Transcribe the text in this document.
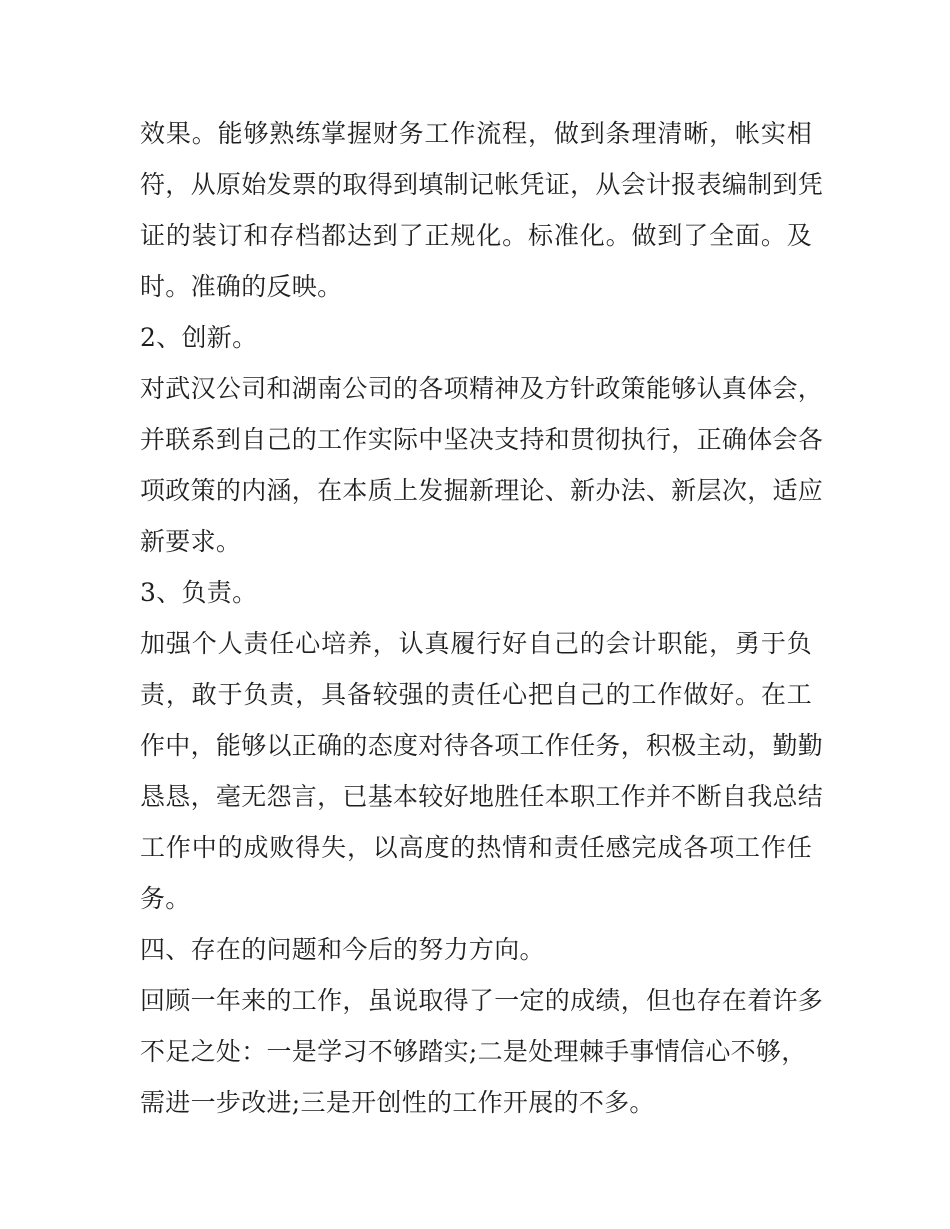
效果。能够熟练掌握财务工作流程，做到条理清晰，帐实相
符，从原始发票的取得到填制记帐凭证，从会计报表编制到凭
证的装订和存档都达到了正规化。标准化。做到了全面。及
时。准确的反映。
2、创新。
对武汉公司和湖南公司的各项精神及方针政策能够认真体会，
并联系到自己的工作实际中坚决支持和贯彻执行，正确体会各
项政策的内涵，在本质上发掘新理论、新办法、新层次，适应
新要求。
3、负责。
加强个人责任心培养，认真履行好自己的会计职能，勇于负
责，敢于负责，具备较强的责任心把自己的工作做好。在工
作中，能够以正确的态度对待各项工作任务，积极主动，勤勤
恳恳，毫无怨言，已基本较好地胜任本职工作并不断自我总结
工作中的成败得失，以高度的热情和责任感完成各项工作任
务。
四、存在的问题和今后的努力方向。
回顾一年来的工作，虽说取得了一定的成绩，但也存在着许多
不足之处：一是学习不够踏实;二是处理棘手事情信心不够，
需进一步改进;三是开创性的工作开展的不多。
